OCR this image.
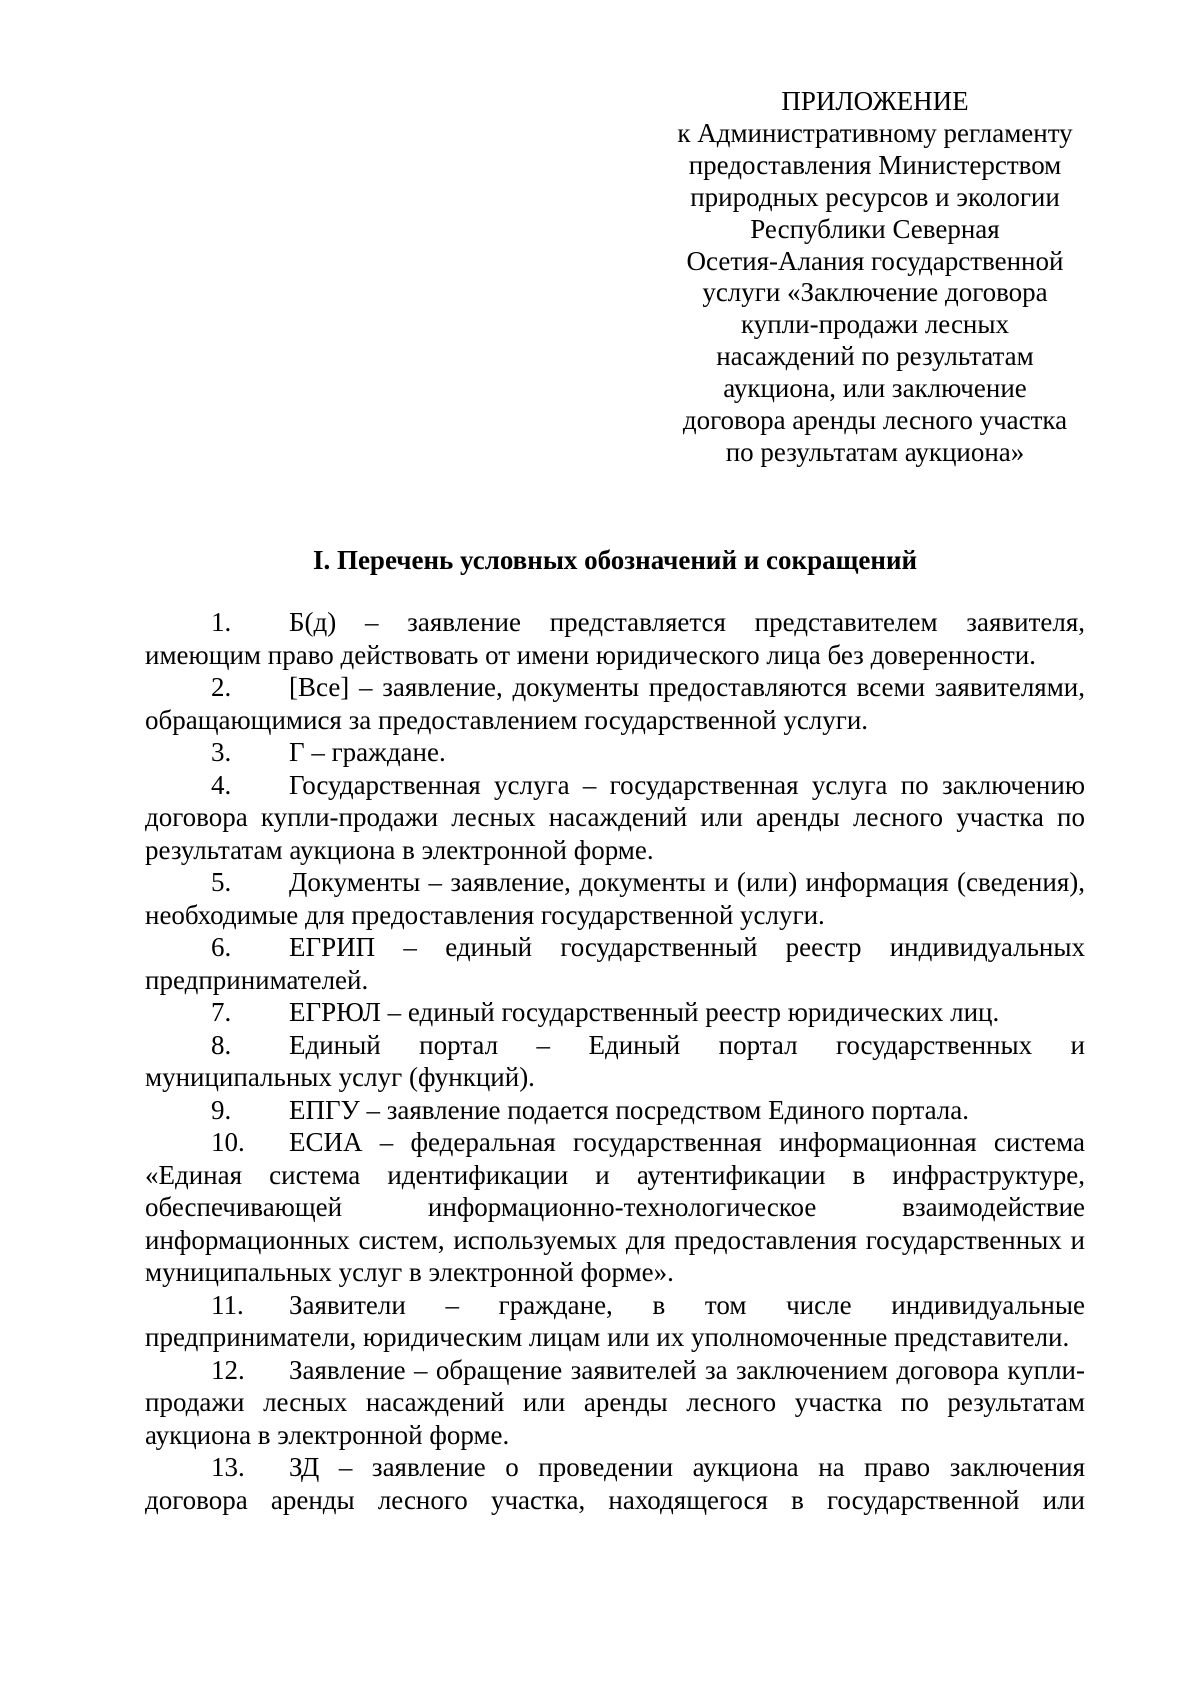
ПРИЛОЖЕНИЕ
к Административному регламенту
предоставления Министерством
природных ресурсов и экологии
Республики Северная
Осетия-Алания государственной
услуги «Заключение договора
купли-продажи лесных
насаждений по результатам
аукциона, или заключение
договора аренды лесного участка
по результатам аукциона»
I. Перечень условных обозначений и сокращений

1. Б(д) – заявление представляется представителем заявителя, имеющим право действовать от имени юридического лица без доверенности.

2. [Все] – заявление, документы предоставляются всеми заявителями, обращающимися за предоставлением государственной услуги.

3. Г – граждане.

4. Государственная услуга – государственная услуга по заключению договора купли-продажи лесных насаждений или аренды лесного участка по результатам аукциона в электронной форме.

5. Документы – заявление, документы и (или) информация (сведения), необходимые для предоставления государственной услуги.

6. ЕГРИП – единый государственный реестр индивидуальных предпринимателей.

7. ЕГРЮЛ – единый государственный реестр юридических лиц.

8. Единый портал – Единый портал государственных и муниципальных услуг (функций).

9. ЕПГУ – заявление подается посредством Единого портала.

10. ЕСИА – федеральная государственная информационная система «Единая система идентификации и аутентификации в инфраструктуре, обеспечивающей информационно-технологическое взаимодействие информационных систем, используемых для предоставления государственных и муниципальных услуг в электронной форме».

11. Заявители – граждане, в том числе индивидуальные предприниматели, юридическим лицам или их уполномоченные представители.

12. Заявление – обращение заявителей за заключением договора купли-продажи лесных насаждений или аренды лесного участка по результатам аукциона в электронной форме.

13. ЗД – заявление о проведении аукциона на право заключения договора аренды лесного участка, находящегося в государственной или
